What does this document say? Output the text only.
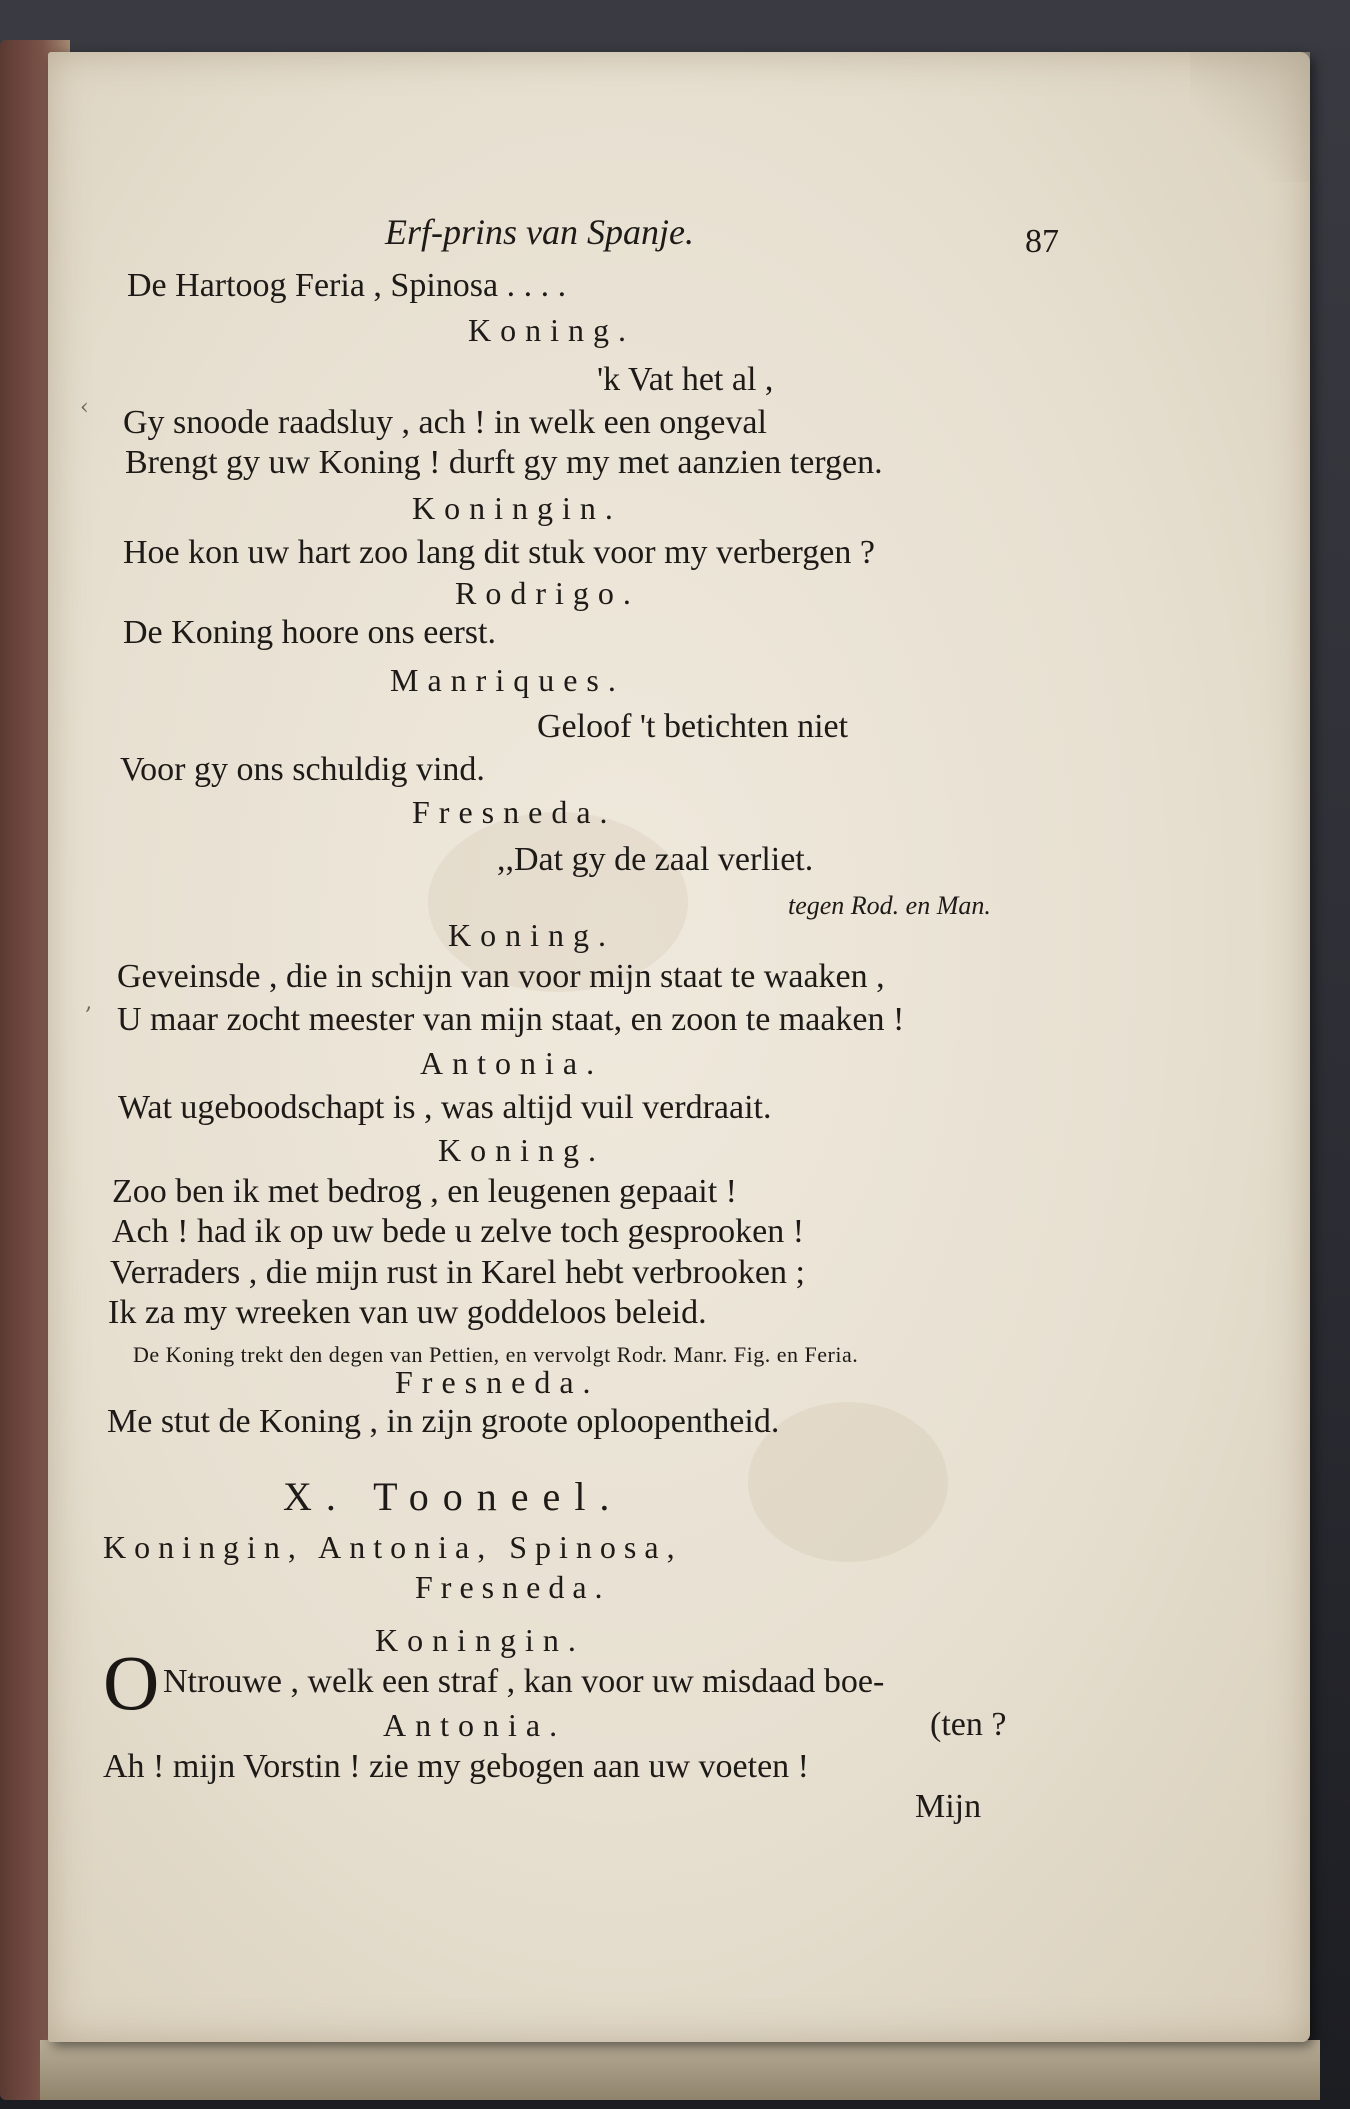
Erf-prins van Spanje.	87

‹
‚

De Hartoog Feria , Spinosa . . . .

Koning.

'k Vat het al ,

Gy snoode raadsluy , ach ! in welk een ongeval

Brengt gy uw Koning ! durft gy my met aanzien tergen.

Koningin.

Hoe kon uw hart zoo lang dit stuk voor my verbergen ?

Rodrigo.

De Koning hoore ons eerst.

Manriques.

Geloof 't betichten niet

Voor gy ons schuldig vind.

Fresneda.

,,Dat gy de zaal verliet.

tegen Rod. en Man.

Koning.

Geveinsde , die in schijn van voor mijn staat te waaken ,

U maar zocht meester van mijn staat, en zoon te maaken !

Antonia.

Wat ugeboodschapt is , was altijd vuil verdraait.

Koning.

Zoo ben ik met bedrog , en leugenen gepaait !

Ach ! had ik op uw bede u zelve toch gesprooken !

Verraders , die mijn rust in Karel hebt verbrooken ;

Ik za my wreeken van uw goddeloos beleid.

De Koning trekt den degen van Pettien, en vervolgt Rodr. Manr. Fig. en Feria.

Fresneda.

Me stut de Koning , in zijn groote oploopentheid.

X. Tooneel.

Koningin, Antonia, Spinosa,

Fresneda.

Koningin.

O Ntrouwe , welk een straf , kan voor uw misdaad boe-

Antonia.	(ten ?

Ah ! mijn Vorstin ! zie my gebogen aan uw voeten !

Mijn
